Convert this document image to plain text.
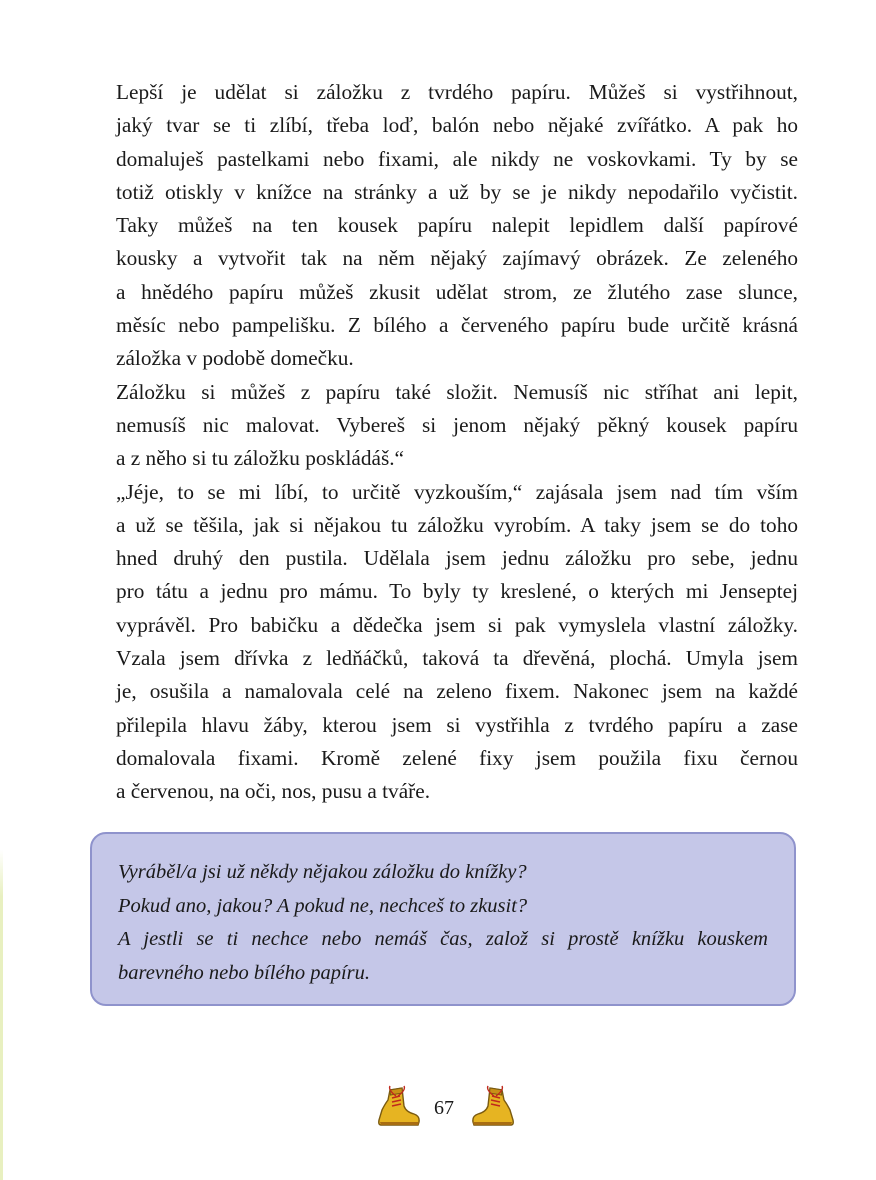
Lepší je udělat si záložku z tvrdého papíru. Můžeš si vystřihnout,
jaký tvar se ti zlíbí, třeba loď, balón nebo nějaké zvířátko. A pak ho
domaluješ pastelkami nebo fixami, ale nikdy ne voskovkami. Ty by se
totiž otiskly v knížce na stránky a už by se je nikdy nepodařilo vyčistit.

Taky můžeš na ten kousek papíru nalepit lepidlem další papírové
kousky a vytvořit tak na něm nějaký zajímavý obrázek. Ze zeleného
a hnědého papíru můžeš zkusit udělat strom, ze žlutého zase slunce,
měsíc nebo pampelišku. Z bílého a červeného papíru bude určitě krásná
záložka v podobě domečku.

Záložku si můžeš z papíru také složit. Nemusíš nic stříhat ani lepit,
nemusíš nic malovat. Vybereš si jenom nějaký pěkný kousek papíru
a z něho si tu záložku poskládáš.“

„Jéje, to se mi líbí, to určitě vyzkouším,“ zajásala jsem nad tím vším
a už se těšila, jak si nějakou tu záložku vyrobím. A taky jsem se do toho
hned druhý den pustila. Udělala jsem jednu záložku pro sebe, jednu
pro tátu a jednu pro mámu. To byly ty kreslené, o kterých mi Jenseptej
vyprávěl. Pro babičku a dědečka jsem si pak vymyslela vlastní záložky.
Vzala jsem dřívka z ledňáčků, taková ta dřevěná, plochá. Umyla jsem
je, osušila a namalovala celé na zeleno fixem. Nakonec jsem na každé
přilepila hlavu žáby, kterou jsem si vystřihla z tvrdého papíru a zase
domalovala fixami. Kromě zelené fixy jsem použila fixu černou
a červenou, na oči, nos, pusu a tváře.

Vyráběl/a jsi už někdy nějakou záložku do knížky?
Pokud ano, jakou? A pokud ne, nechceš to zkusit?
A jestli se ti nechce nebo nemáš čas, založ si prostě knížku kouskem
barevného nebo bílého papíru.
67
